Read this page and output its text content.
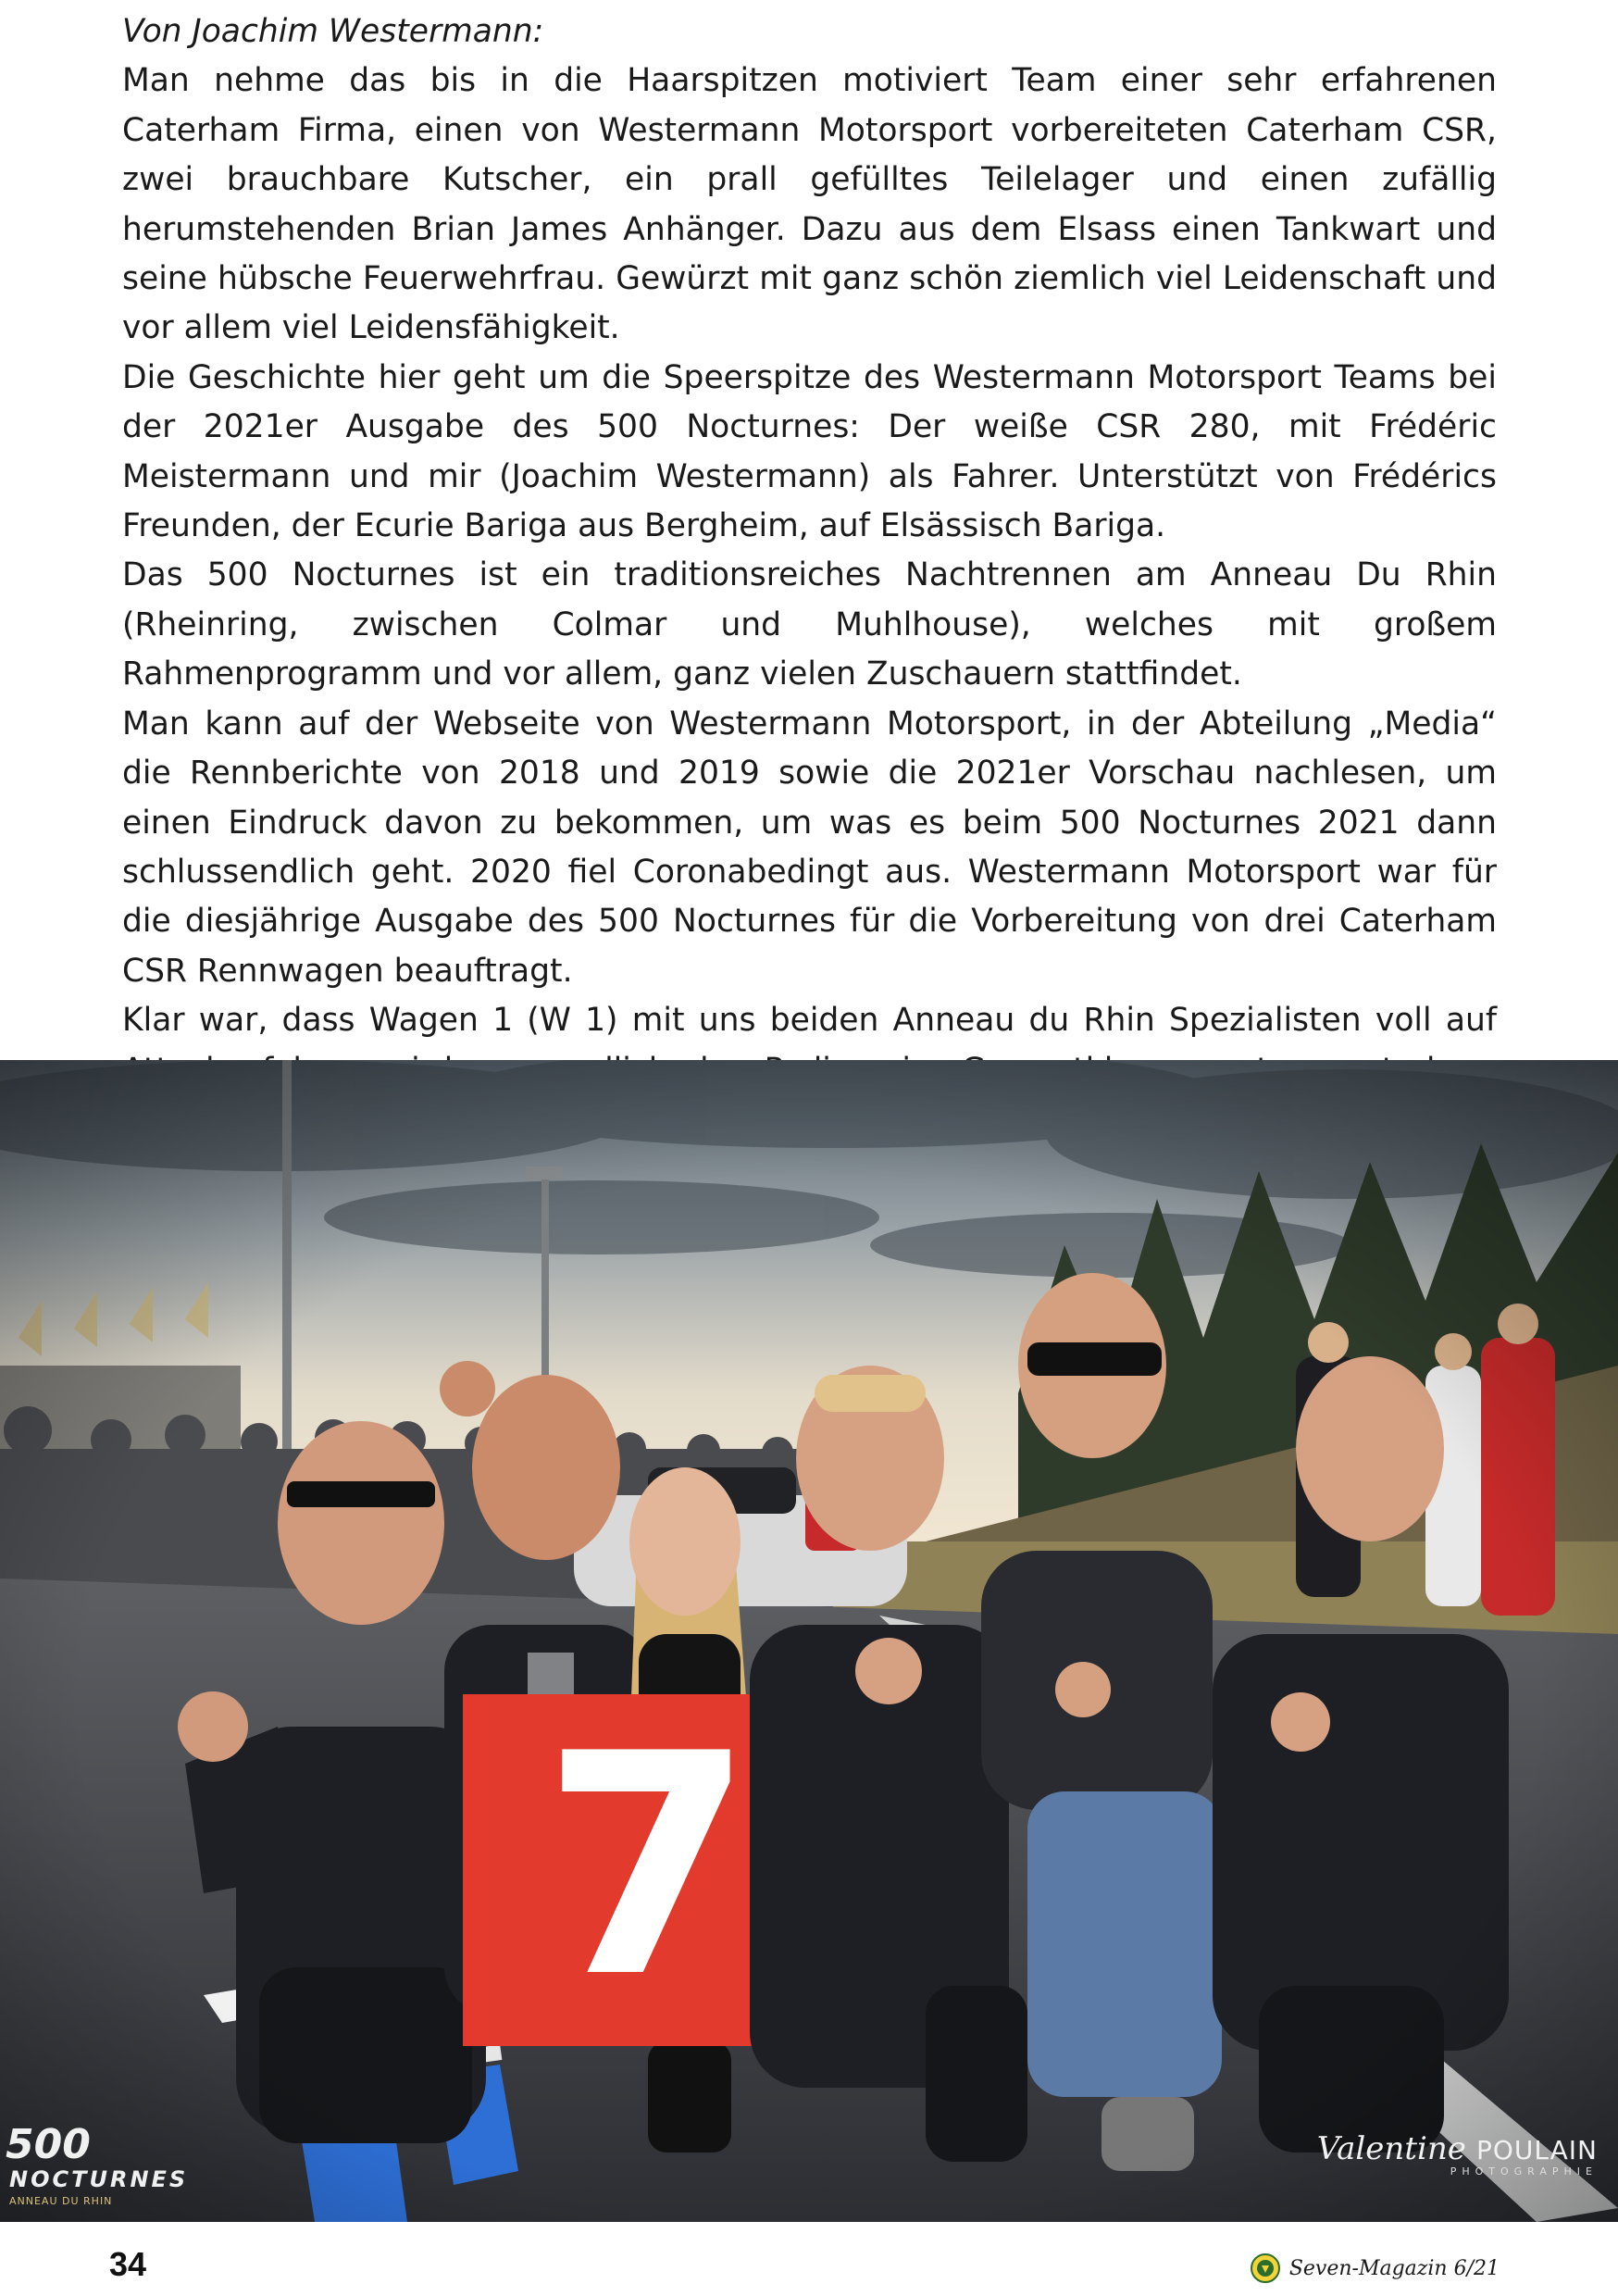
Von Joachim Westermann:

Man nehme das bis in die Haarspitzen motiviert Team einer sehr erfahrenen Caterham Firma, einen von Westermann Motorsport vorbereiteten Caterham CSR, zwei brauchbare Kutscher, ein prall gefülltes Teilelager und einen zufällig herumstehenden Brian James Anhänger. Dazu aus dem Elsass einen Tankwart und seine hübsche Feuerwehrfrau. Gewürzt mit ganz schön ziemlich viel Leidenschaft und vor allem viel Leidensfähigkeit.

Die Geschichte hier geht um die Speerspitze des Westermann Motorsport Teams bei der 2021er Ausgabe des 500 Nocturnes: Der weiße CSR 280, mit Frédéric Meistermann und mir (Joachim Westermann) als Fahrer. Unterstützt von Frédérics Freunden, der Ecurie Bariga aus Bergheim, auf Elsässisch Bariga.

Das 500 Nocturnes ist ein traditionsreiches Nachtrennen am Anneau Du Rhin (Rheinring, zwischen Colmar und Muhlhouse), welches mit großem Rahmenprogramm und vor allem, ganz vielen Zuschauern stattfindet.

Man kann auf der Webseite von Westermann Motorsport, in der Abteilung „Media“ die Rennberichte von 2018 und 2019 sowie die 2021er Vorschau nachlesen, um einen Eindruck davon zu bekommen, um was es beim 500 Nocturnes 2021 dann schlussendlich geht. 2020 fiel Coronabedingt aus. Westermann Motorsport war für die diesjährige Ausgabe des 500 Nocturnes für die Vorbereitung von drei Caterham CSR Rennwagen beauftragt.

Klar war, dass Wagen 1 (W 1) mit uns beiden Anneau du Rhin Spezialisten voll auf

500
NOCTURNES
ANNEAU DU RHIN
Valentine POULAIN
PHOTOGRAPHIE
34	Seven-Magazin 6/21
